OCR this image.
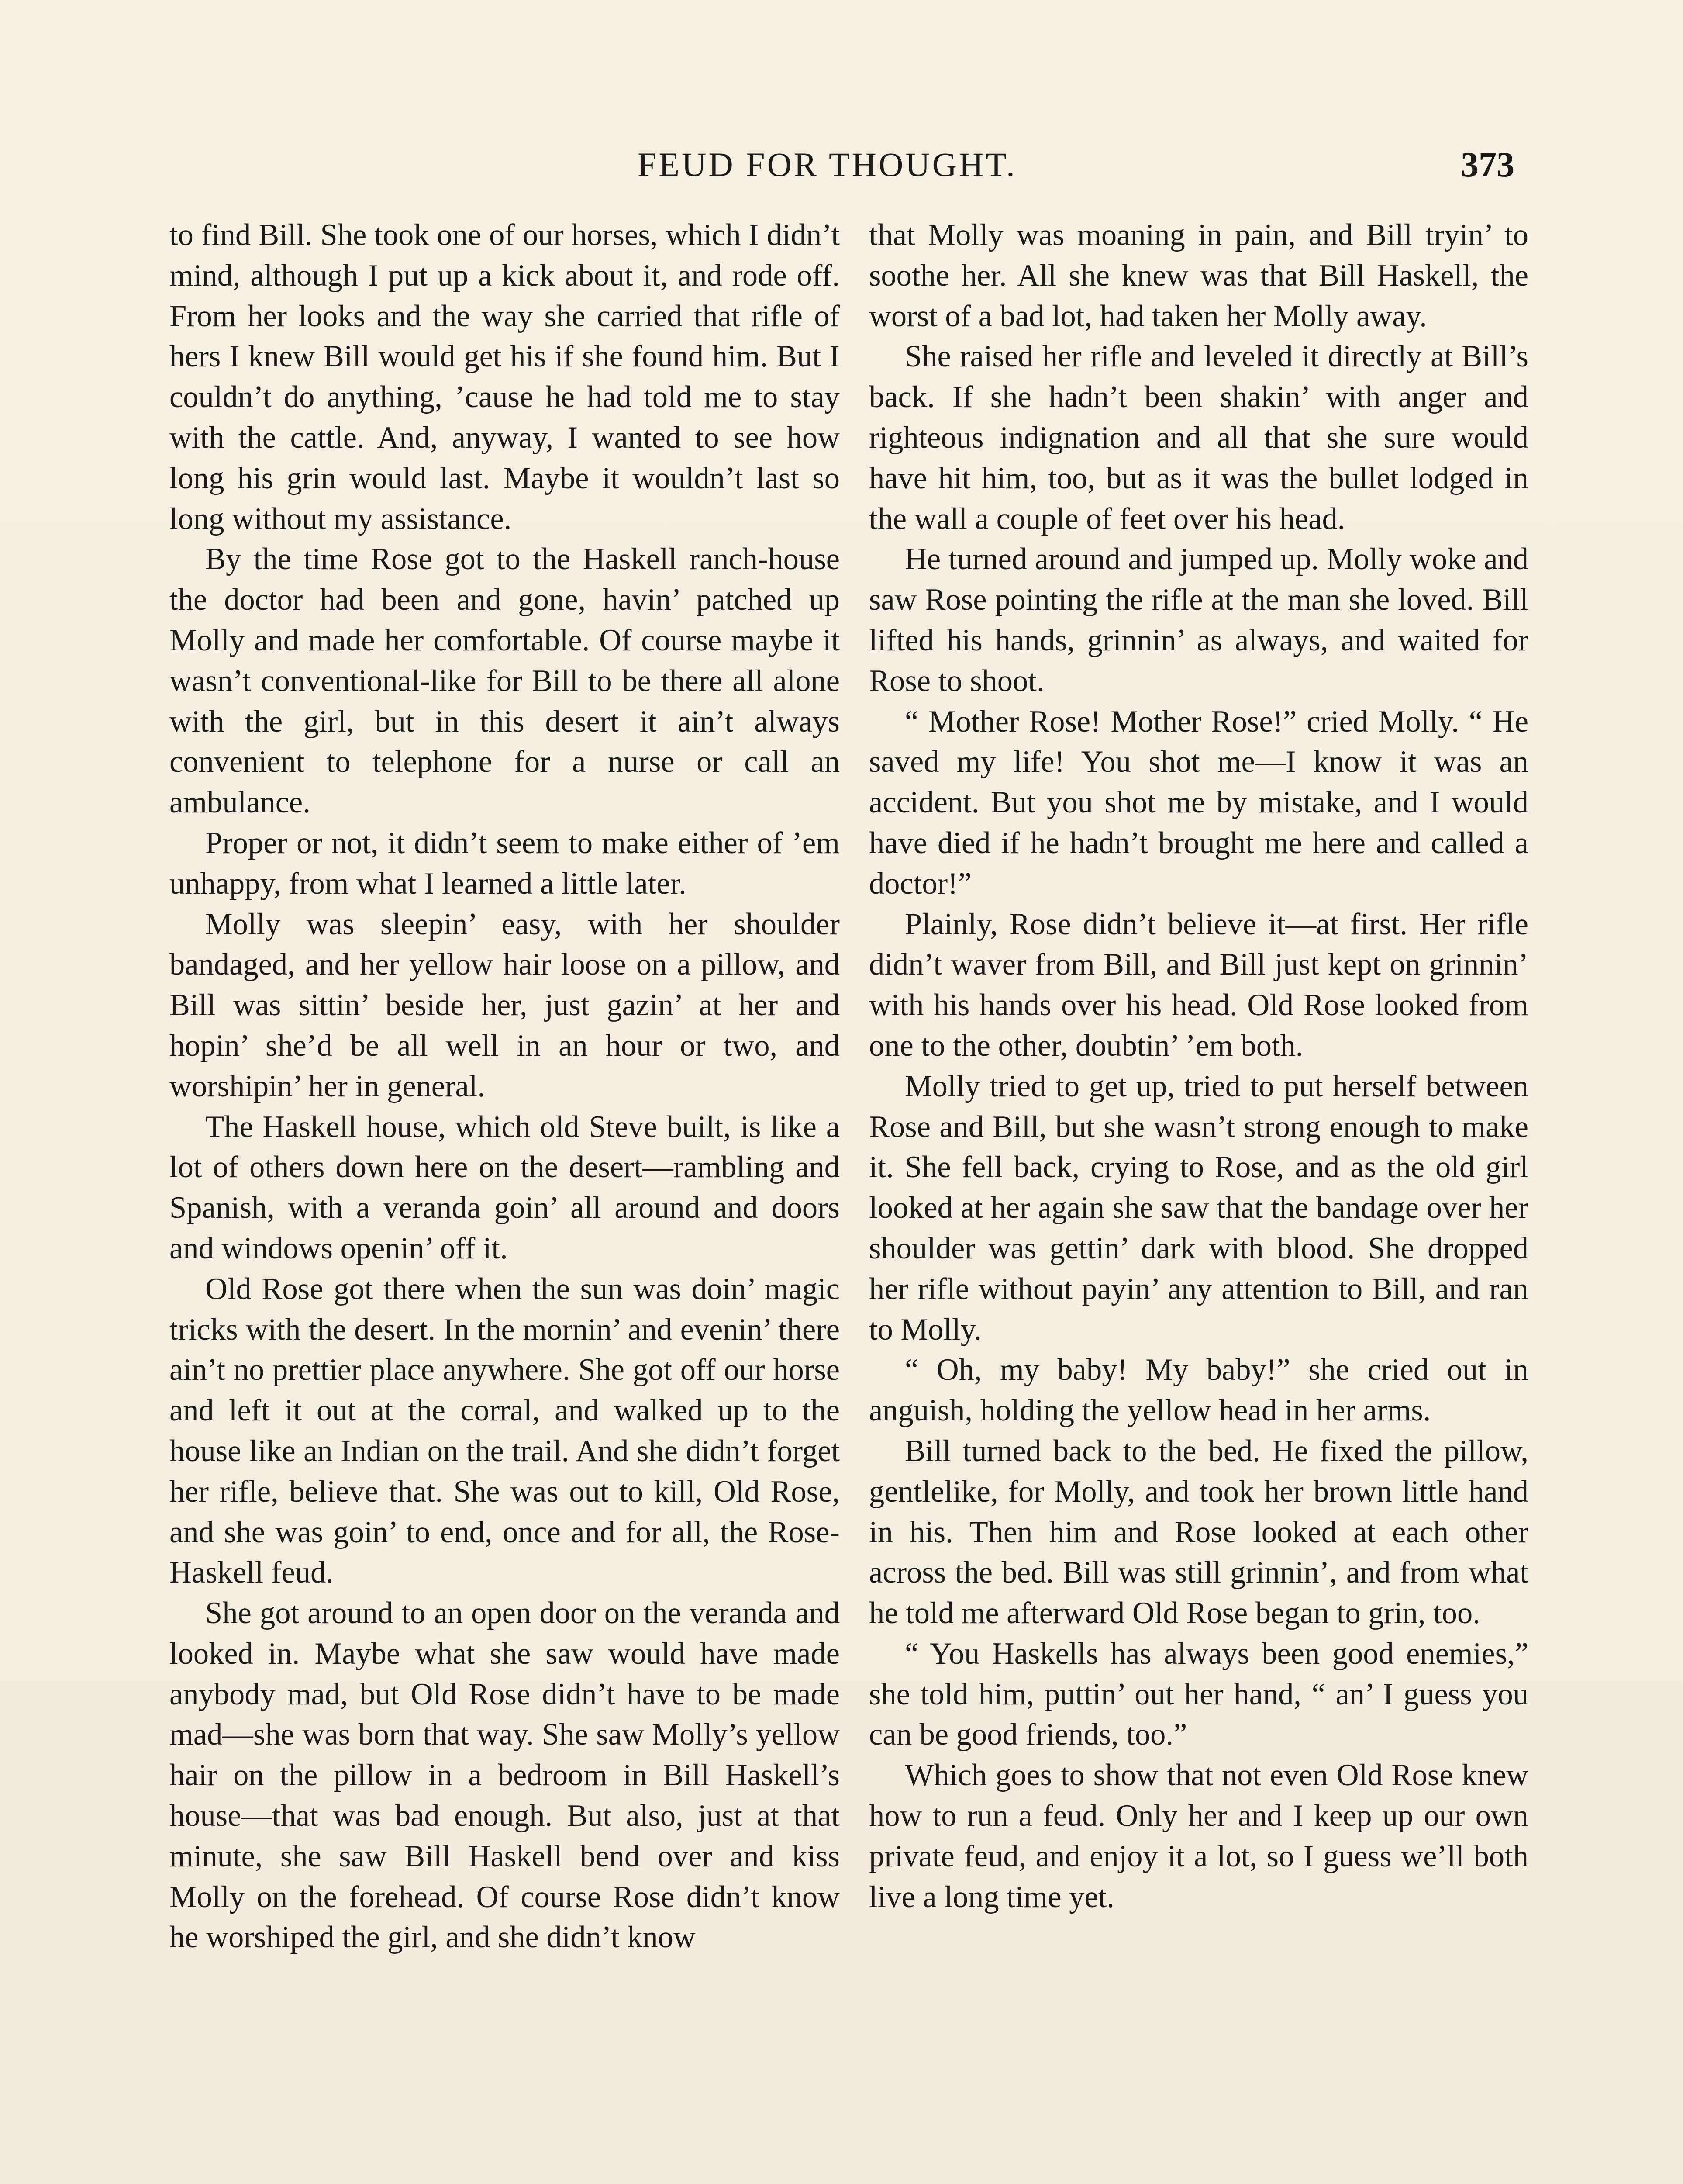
FEUD FOR THOUGHT.	373

to find Bill. She took one of our horses, which I didn’t mind, although I put up a kick about it, and rode off. From her looks and the way she carried that rifle of hers I knew Bill would get his if she found him. But I couldn’t do anything, ’cause he had told me to stay with the cattle. And, anyway, I wanted to see how long his grin would last. Maybe it wouldn’t last so long without my assistance.

By the time Rose got to the Haskell ranch-house the doctor had been and gone, havin’ patched up Molly and made her comfortable. Of course maybe it wasn’t conventional-like for Bill to be there all alone with the girl, but in this desert it ain’t always convenient to telephone for a nurse or call an ambulance.

Proper or not, it didn’t seem to make either of ’em unhappy, from what I learned a little later.

Molly was sleepin’ easy, with her shoulder bandaged, and her yellow hair loose on a pillow, and Bill was sittin’ beside her, just gazin’ at her and hopin’ she’d be all well in an hour or two, and worshipin’ her in general.

The Haskell house, which old Steve built, is like a lot of others down here on the desert—rambling and Spanish, with a veranda goin’ all around and doors and windows openin’ off it.

Old Rose got there when the sun was doin’ magic tricks with the desert. In the mornin’ and evenin’ there ain’t no prettier place anywhere. She got off our horse and left it out at the corral, and walked up to the house like an Indian on the trail. And she didn’t forget her rifle, believe that. She was out to kill, Old Rose, and she was goin’ to end, once and for all, the Rose-Haskell feud.

She got around to an open door on the veranda and looked in. Maybe what she saw would have made anybody mad, but Old Rose didn’t have to be made mad—she was born that way. She saw Molly’s yellow hair on the pillow in a bedroom in Bill Haskell’s house—that was bad enough. But also, just at that minute, she saw Bill Haskell bend over and kiss Molly on the forehead. Of course Rose didn’t know he worshiped the girl, and she didn’t know

that Molly was moaning in pain, and Bill tryin’ to soothe her. All she knew was that Bill Haskell, the worst of a bad lot, had taken her Molly away.

She raised her rifle and leveled it directly at Bill’s back. If she hadn’t been shakin’ with anger and righteous indignation and all that she sure would have hit him, too, but as it was the bullet lodged in the wall a couple of feet over his head.

He turned around and jumped up. Molly woke and saw Rose pointing the rifle at the man she loved. Bill lifted his hands, grinnin’ as always, and waited for Rose to shoot.

“ Mother Rose! Mother Rose!” cried Molly. “ He saved my life! You shot me—I know it was an accident. But you shot me by mistake, and I would have died if he hadn’t brought me here and called a doctor!”

Plainly, Rose didn’t believe it—at first. Her rifle didn’t waver from Bill, and Bill just kept on grinnin’ with his hands over his head. Old Rose looked from one to the other, doubtin’ ’em both.

Molly tried to get up, tried to put herself between Rose and Bill, but she wasn’t strong enough to make it. She fell back, crying to Rose, and as the old girl looked at her again she saw that the bandage over her shoulder was gettin’ dark with blood. She dropped her rifle without payin’ any attention to Bill, and ran to Molly.

“ Oh, my baby! My baby!” she cried out in anguish, holding the yellow head in her arms.

Bill turned back to the bed. He fixed the pillow, gentlelike, for Molly, and took her brown little hand in his. Then him and Rose looked at each other across the bed. Bill was still grinnin’, and from what he told me afterward Old Rose began to grin, too.

“ You Haskells has always been good enemies,” she told him, puttin’ out her hand, “ an’ I guess you can be good friends, too.”

Which goes to show that not even Old Rose knew how to run a feud. Only her and I keep up our own private feud, and enjoy it a lot, so I guess we’ll both live a long time yet.
